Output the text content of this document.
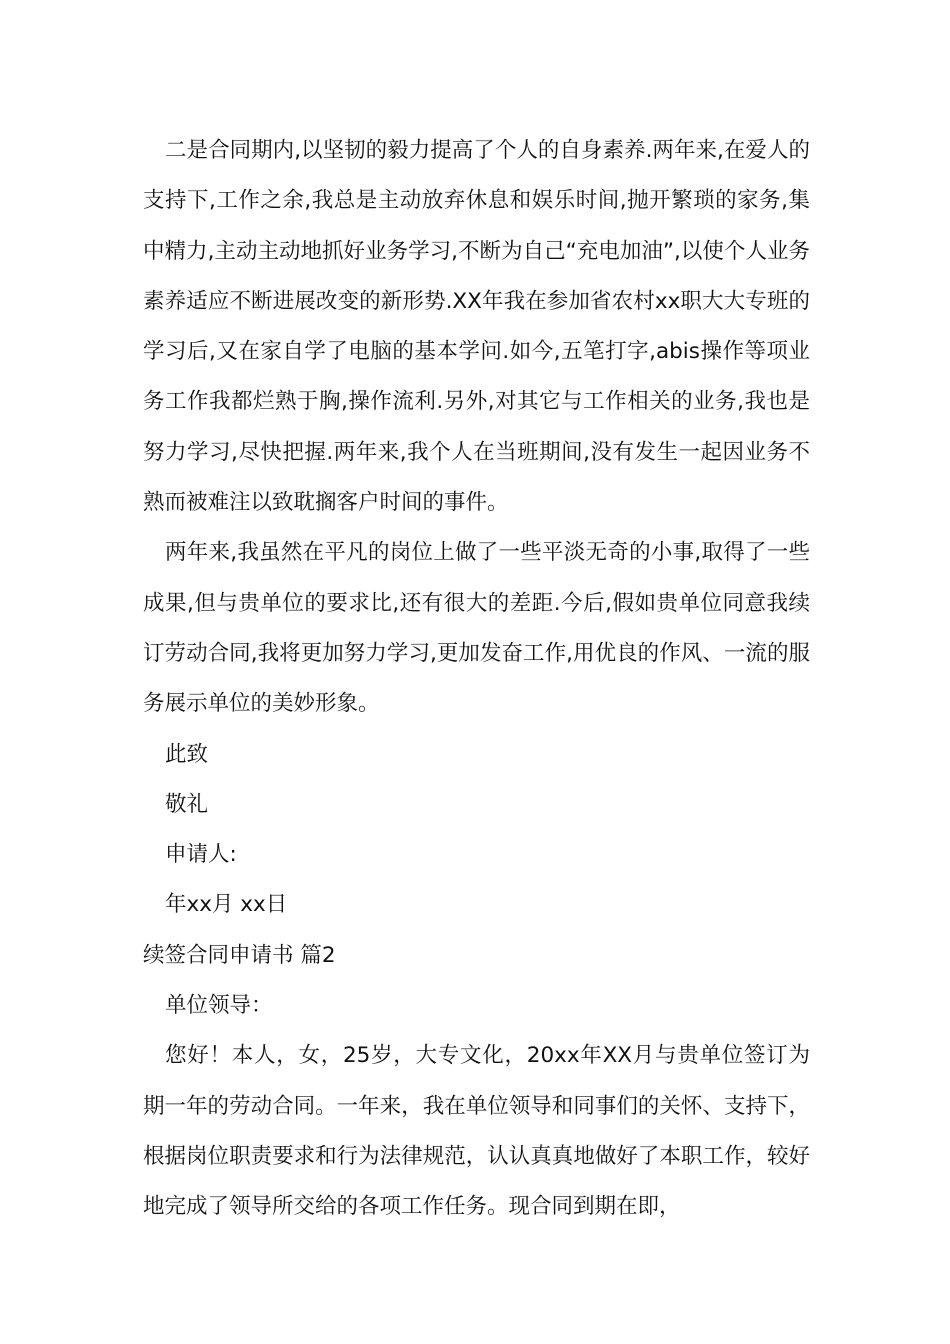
二是合同期内,以坚韧的毅力提高了个人的自身素养.两年来,在爱人的支持下,工作之余,我总是主动放弃休息和娱乐时间,抛开繁琐的家务,集中精力,主动主动地抓好业务学习,不断为自己“充电加油”,以使个人业务素养适应不断进展改变的新形势.XX年我在参加省农村xx职大大专班的学习后,又在家自学了电脑的基本学问.如今,五笔打字,abis操作等项业务工作我都烂熟于胸,操作流利.另外,对其它与工作相关的业务,我也是努力学习,尽快把握.两年来,我个人在当班期间,没有发生一起因业务不熟而被难注以致耽搁客户时间的事件。

两年来,我虽然在平凡的岗位上做了一些平淡无奇的小事,取得了一些成果,但与贵单位的要求比,还有很大的差距.今后,假如贵单位同意我续订劳动合同,我将更加努力学习,更加发奋工作,用优良的作风、一流的服务展示单位的美妙形象。

此致

敬礼

申请人:

年xx月 xx日

续签合同申请书 篇2

单位领导：

您好！本人，女，25岁，大专文化，20xx年XX月与贵单位签订为期一年的劳动合同。一年来，我在单位领导和同事们的关怀、支持下，根据岗位职责要求和行为法律规范，认认真真地做好了本职工作，较好地完成了领导所交给的各项工作任务。现合同到期在即，
